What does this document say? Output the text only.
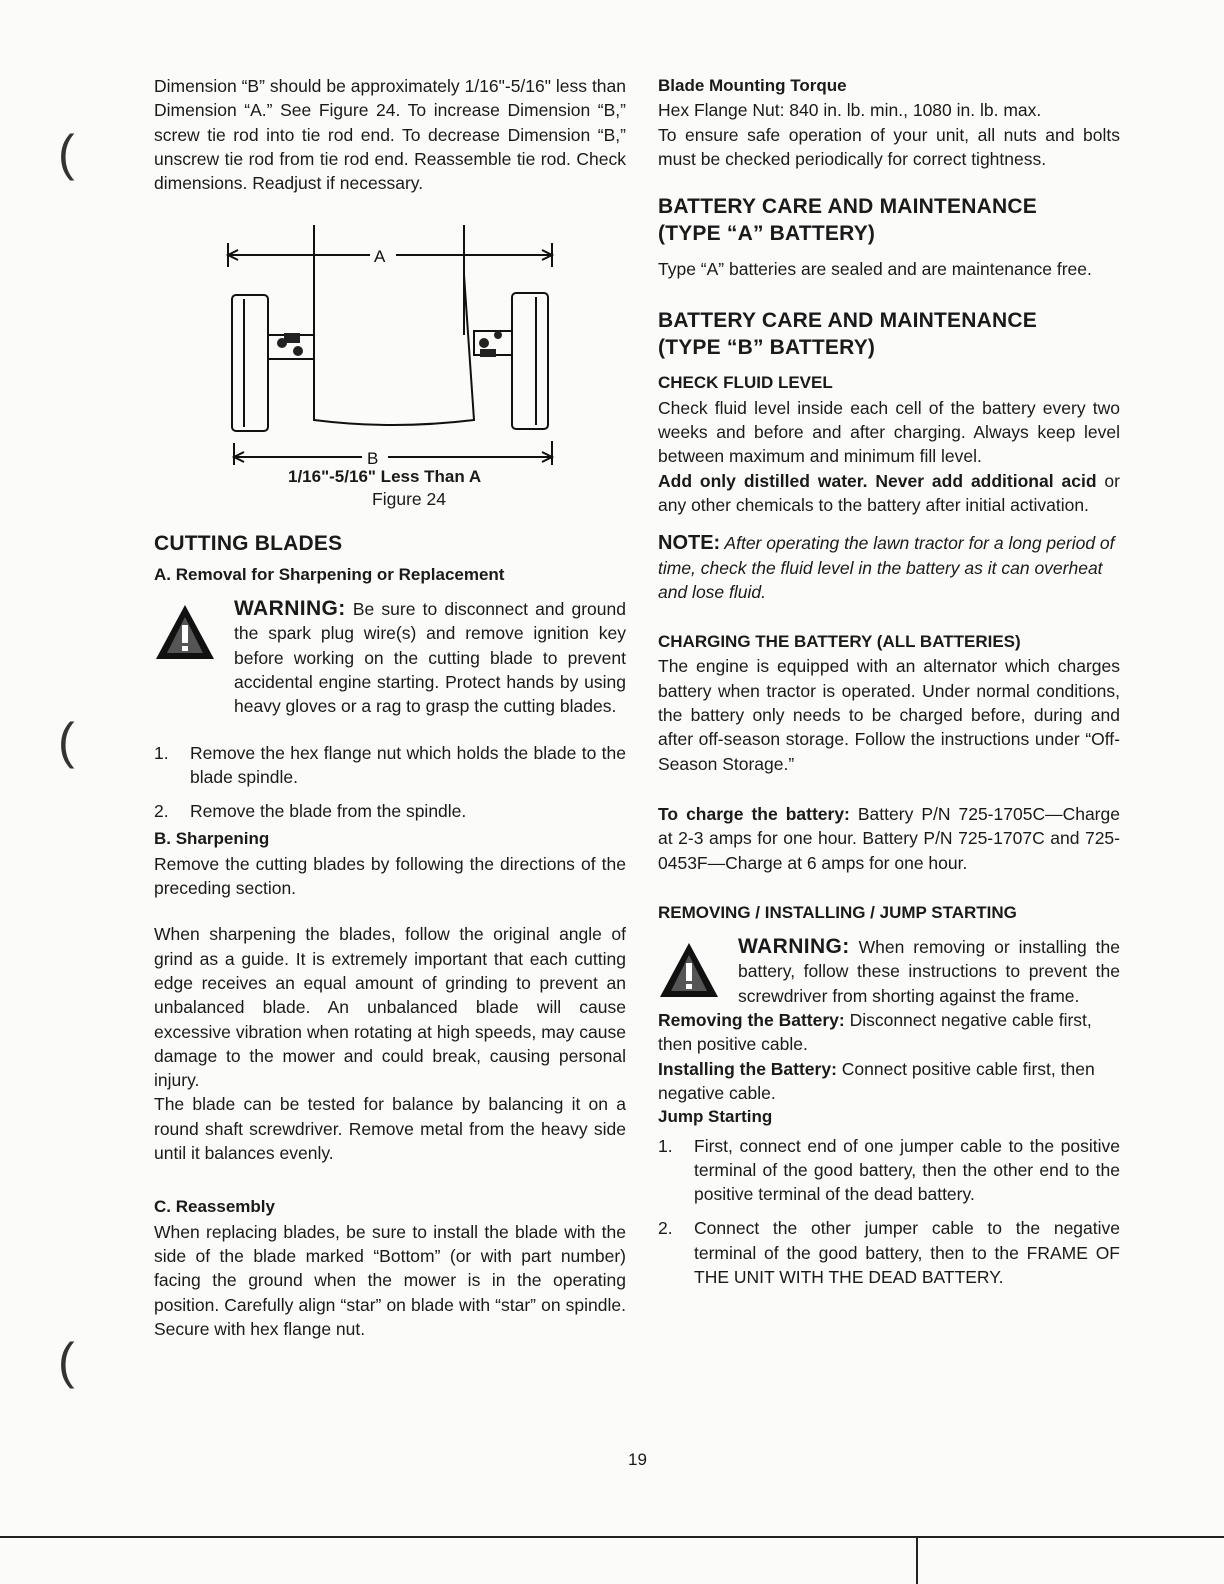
Dimension “B” should be approximately 1/16"-5/16" less than Dimension “A.” See Figure 24. To increase Dimension “B,” screw tie rod into tie rod end. To decrease Dimension “B,” unscrew tie rod from tie rod end. Reassemble tie rod. Check dimensions. Readjust if necessary.

A
B
1/16"-5/16" Less Than A

Figure 24

CUTTING BLADES

A. Removal for Sharpening or Replacement

WARNING: Be sure to disconnect and ground the spark plug wire(s) and remove ignition key before working on the cutting blade to prevent accidental engine starting. Protect hands by using heavy gloves or a rag to grasp the cutting blades.

1.	Remove the hex flange nut which holds the blade to the blade spindle.
2.	Remove the blade from the spindle.

B. Sharpening

Remove the cutting blades by following the directions of the preceding section.

When sharpening the blades, follow the original angle of grind as a guide. It is extremely important that each cutting edge receives an equal amount of grinding to prevent an unbalanced blade. An unbalanced blade will cause excessive vibration when rotating at high speeds, may cause damage to the mower and could break, causing personal injury.

The blade can be tested for balance by balancing it on a round shaft screwdriver. Remove metal from the heavy side until it balances evenly.

C. Reassembly

When replacing blades, be sure to install the blade with the side of the blade marked “Bottom” (or with part number) facing the ground when the mower is in the operating position. Carefully align “star” on blade with “star” on spindle. Secure with hex flange nut.

Blade Mounting Torque

Hex Flange Nut: 840 in. lb. min., 1080 in. lb. max.

To ensure safe operation of your unit, all nuts and bolts must be checked periodically for correct tightness.

BATTERY CARE AND MAINTENANCE
(TYPE “A” BATTERY)

Type “A” batteries are sealed and are maintenance free.

BATTERY CARE AND MAINTENANCE
(TYPE “B” BATTERY)

CHECK FLUID LEVEL

Check fluid level inside each cell of the battery every two weeks and before and after charging. Always keep level between maximum and minimum fill level.

Add only distilled water. Never add additional acid or any other chemicals to the battery after initial activation.

NOTE: After operating the lawn tractor for a long period of time, check the fluid level in the battery as it can overheat and lose fluid.

CHARGING THE BATTERY (ALL BATTERIES)

The engine is equipped with an alternator which charges battery when tractor is operated. Under normal conditions, the battery only needs to be charged before, during and after off-season storage. Follow the instructions under “Off-Season Storage.”

To charge the battery: Battery P/N 725-1705C—Charge at 2-3 amps for one hour. Battery P/N 725-1707C and 725-0453F—Charge at 6 amps for one hour.

REMOVING / INSTALLING / JUMP STARTING

WARNING: When removing or installing the battery, follow these instructions to prevent the screwdriver from shorting against the frame.

Removing the Battery: Disconnect negative cable first, then positive cable.

Installing the Battery: Connect positive cable first, then negative cable.

Jump Starting

1.	First, connect end of one jumper cable to the positive terminal of the good battery, then the other end to the positive terminal of the dead battery.
2.	Connect the other jumper cable to the negative terminal of the good battery, then to the FRAME OF THE UNIT WITH THE DEAD BATTERY.
19
(
(
(
